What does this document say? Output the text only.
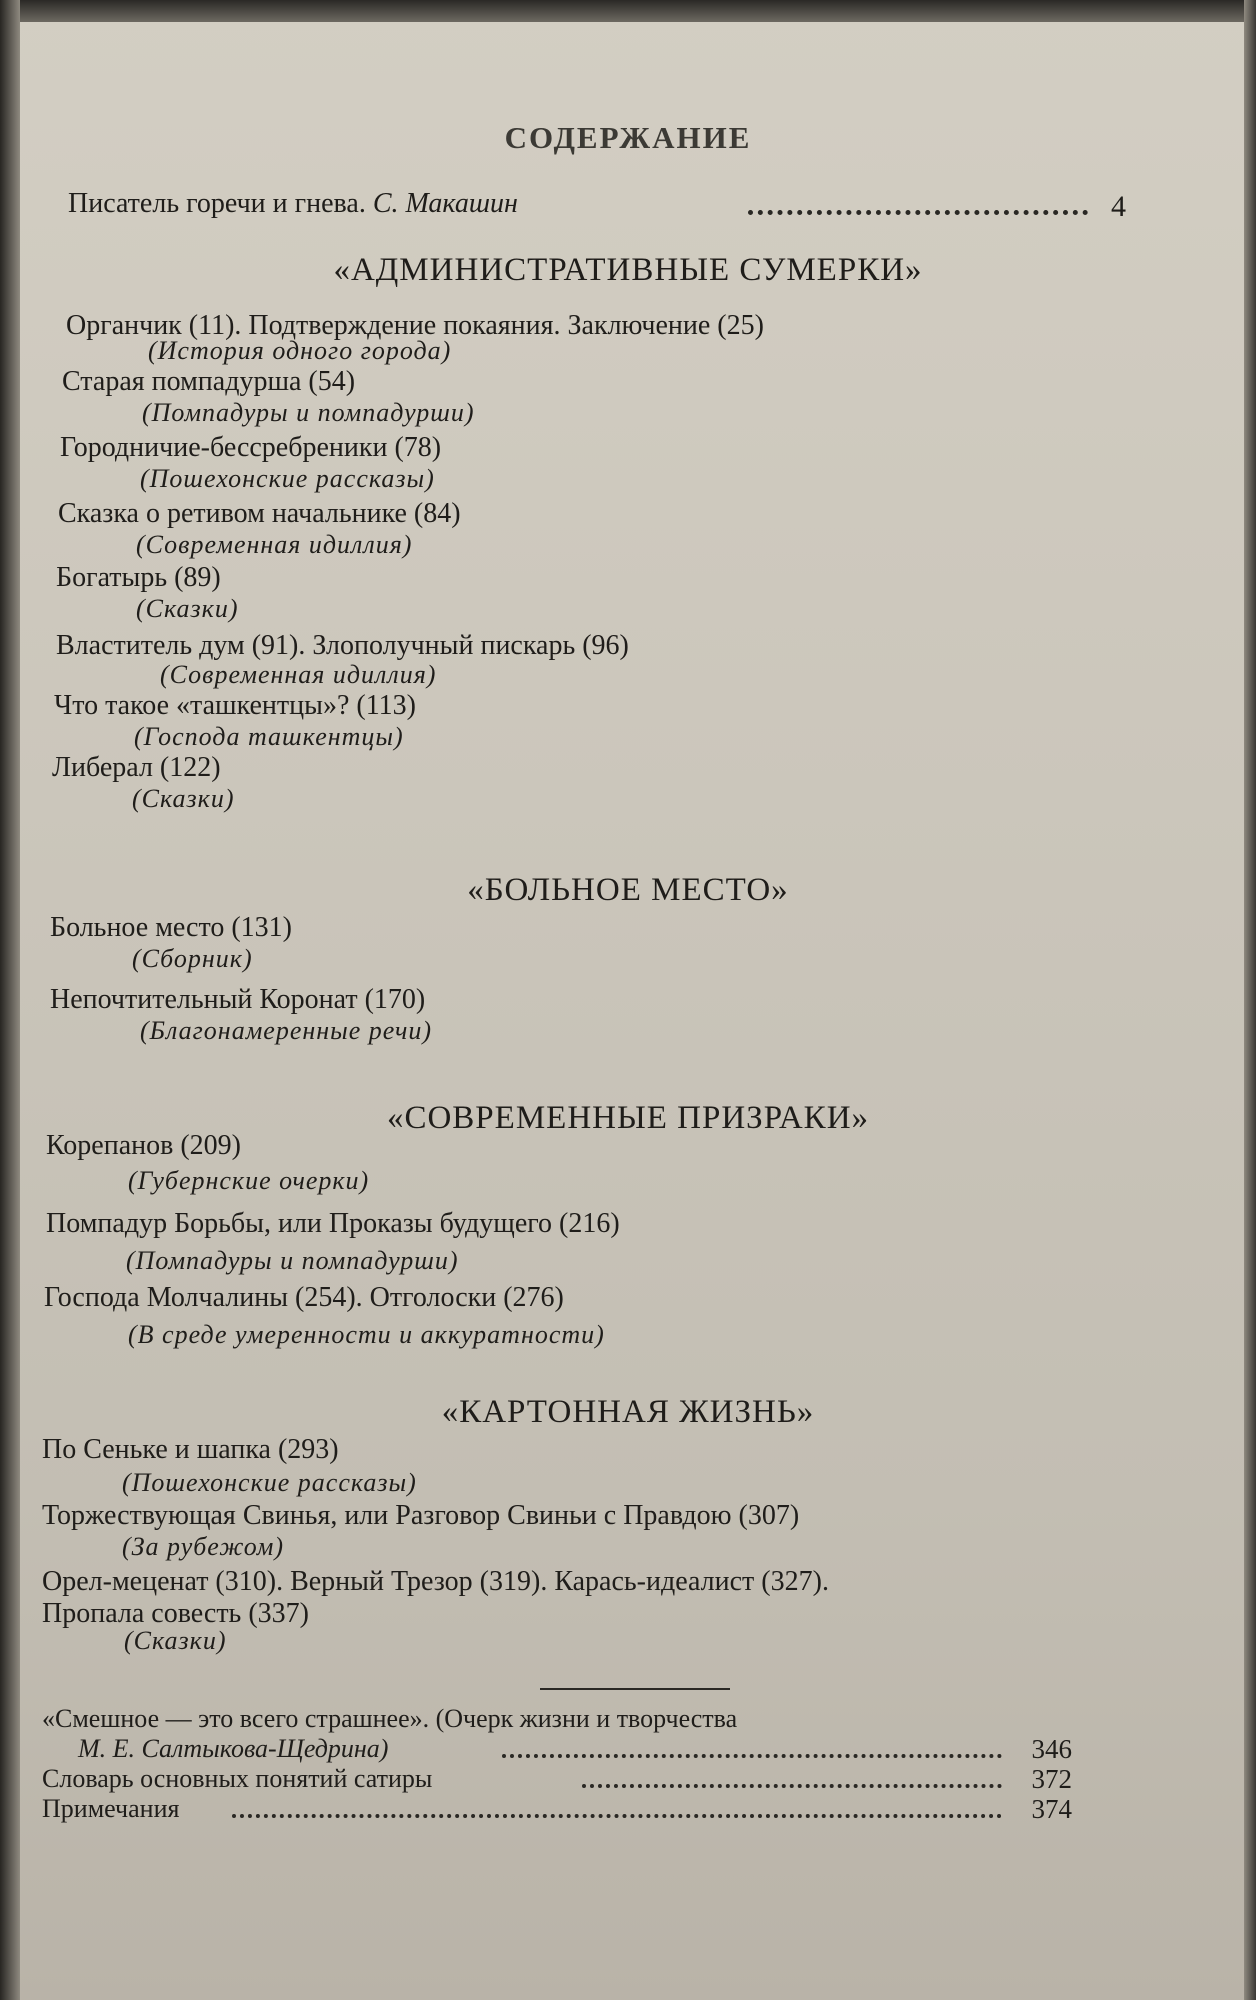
СОДЕРЖАНИЕ
Писатель горечи и гнева. С. Макашин	4
«АДМИНИСТРАТИВНЫЕ СУМЕРКИ»
Органчик (11). Подтверждение покаяния. Заключение (25)
(История одного города)
Старая помпадурша (54)
(Помпадуры и помпадурши)
Городничие-бессребреники (78)
(Пошехонские рассказы)
Сказка о ретивом начальнике (84)
(Современная идиллия)
Богатырь (89)
(Сказки)
Властитель дум (91). Злополучный пискарь (96)
(Современная идиллия)
Что такое «ташкентцы»? (113)
(Господа ташкентцы)
Либерал (122)
(Сказки)
«БОЛЬНОЕ МЕСТО»
Больное место (131)
(Сборник)
Непочтительный Коронат (170)
(Благонамеренные речи)
«СОВРЕМЕННЫЕ ПРИЗРАКИ»
Корепанов (209)
(Губернские очерки)
Помпадур Борьбы, или Проказы будущего (216)
(Помпадуры и помпадурши)
Господа Молчалины (254). Отголоски (276)
(В среде умеренности и аккуратности)
«КАРТОННАЯ ЖИЗНЬ»
По Сеньке и шапка (293)
(Пошехонские рассказы)
Торжествующая Свинья, или Разговор Свиньи с Правдою (307)
(За рубежом)
Орел-меценат (310). Верный Трезор (319). Карась-идеалист (327).
Пропала совесть (337)
(Сказки)
«Смешное — это всего страшнее». (Очерк жизни и творчества
М. Е. Салтыкова-Щедрина)	346
Словарь основных понятий сатиры	372
Примечания	374
